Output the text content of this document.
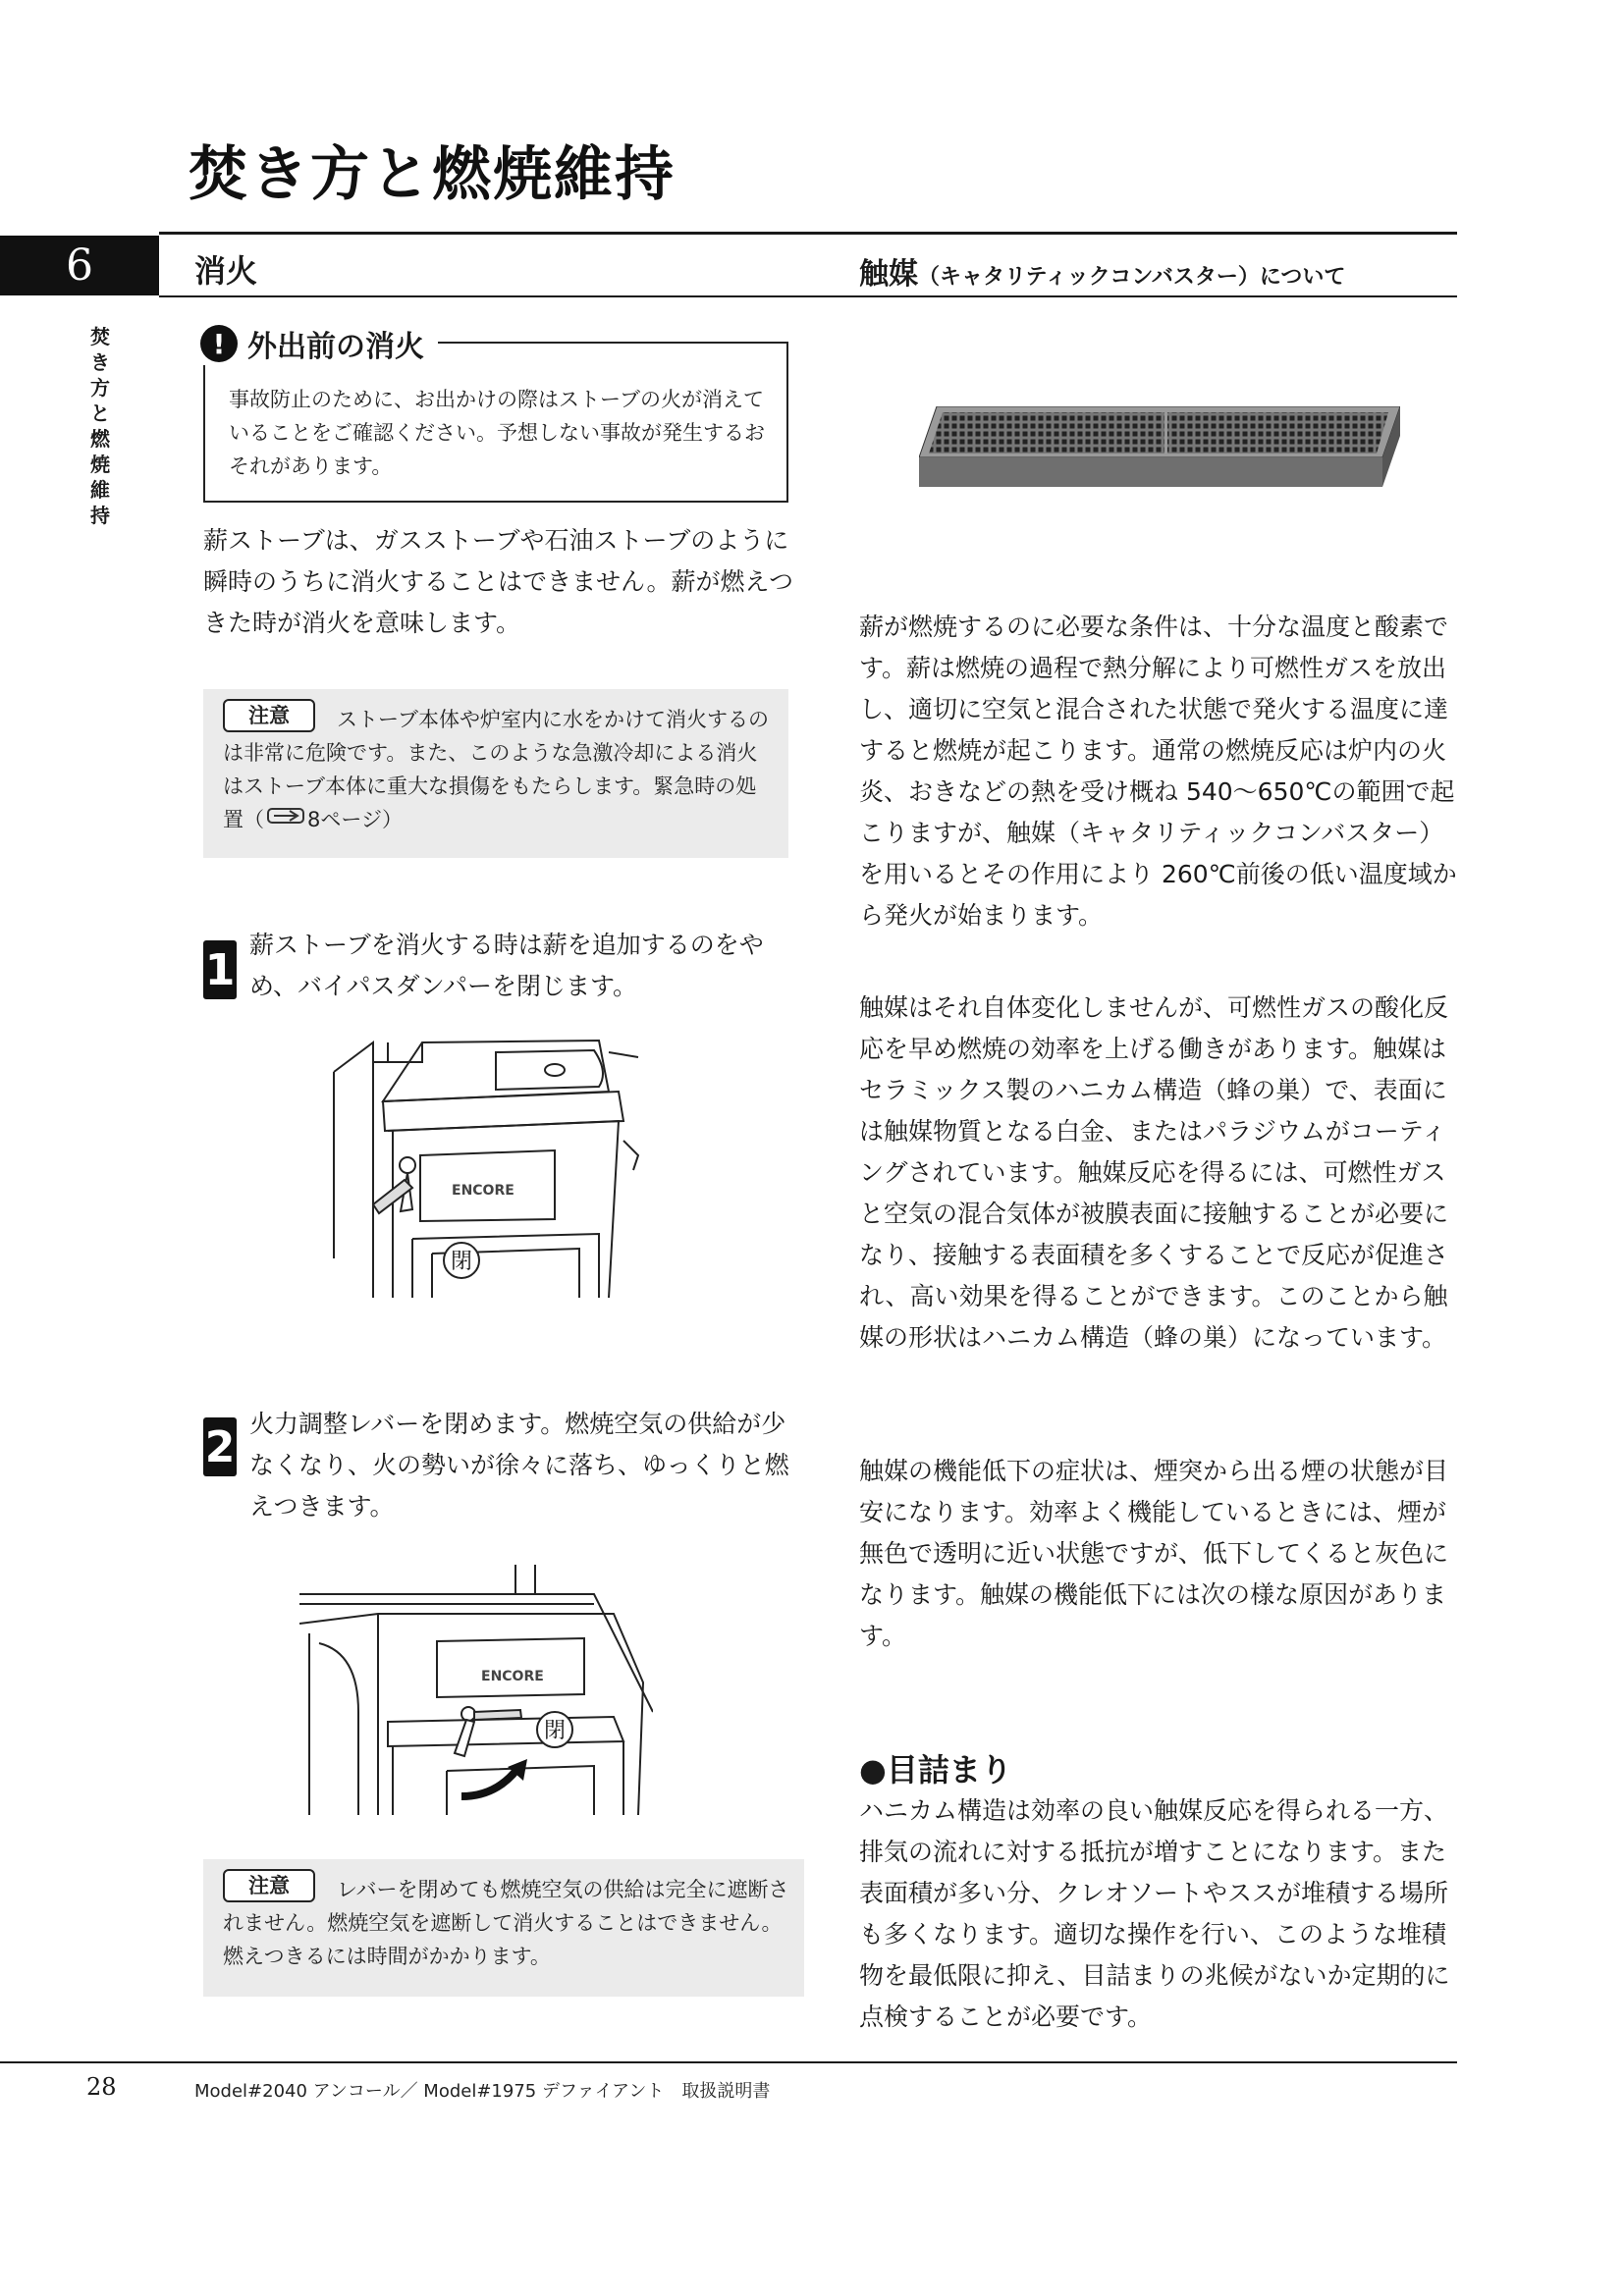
焚き方と燃焼維持
6
焚き方と燃焼維持
消火	触媒（キャタリティックコンバスター）について
! 外出前の消火
事故防止のために、お出かけの際はストーブの火が消えていることをご確認ください。予想しない事故が発生するおそれがあります。
薪ストーブは、ガスストーブや石油ストーブのように瞬時のうちに消火することはできません。薪が燃えつきた時が消火を意味します。
注意 ストーブ本体や炉室内に水をかけて消火するのは非常に危険です。また、このような急激冷却による消火はストーブ本体に重大な損傷をもたらします。緊急時の処置（ 8ページ）
1 薪ストーブを消火する時は薪を追加するのをやめ、バイパスダンパーを閉じます。
ENCORE
閉
2 火力調整レバーを閉めます。燃焼空気の供給が少なくなり、火の勢いが徐々に落ち、ゆっくりと燃えつきます。
ENCORE
閉
注意 レバーを閉めても燃焼空気の供給は完全に遮断されません。燃焼空気を遮断して消火することはできません。燃えつきるには時間がかかります。
薪が燃焼するのに必要な条件は、十分な温度と酸素です。薪は燃焼の過程で熱分解により可燃性ガスを放出し、適切に空気と混合された状態で発火する温度に達すると燃焼が起こります。通常の燃焼反応は炉内の火炎、おきなどの熱を受け概ね 540～650℃の範囲で起こりますが、触媒（キャタリティックコンバスター）を用いるとその作用により 260℃前後の低い温度域から発火が始まります。
触媒はそれ自体変化しませんが、可燃性ガスの酸化反応を早め燃焼の効率を上げる働きがあります。触媒はセラミックス製のハニカム構造（蜂の巣）で、表面には触媒物質となる白金、またはパラジウムがコーティングされています。触媒反応を得るには、可燃性ガスと空気の混合気体が被膜表面に接触することが必要になり、接触する表面積を多くすることで反応が促進され、高い効果を得ることができます。このことから触媒の形状はハニカム構造（蜂の巣）になっています。
触媒の機能低下の症状は、煙突から出る煙の状態が目安になります。効率よく機能しているときには、煙が無色で透明に近い状態ですが、低下してくると灰色になります。触媒の機能低下には次の様な原因があります。
●目詰まり
ハニカム構造は効率の良い触媒反応を得られる一方、排気の流れに対する抵抗が増すことになります。また表面積が多い分、クレオソートやススが堆積する場所も多くなります。適切な操作を行い、このような堆積物を最低限に抑え、目詰まりの兆候がないか定期的に点検することが必要です。
28	Model#2040 アンコール／ Model#1975 デファイアント　取扱説明書
